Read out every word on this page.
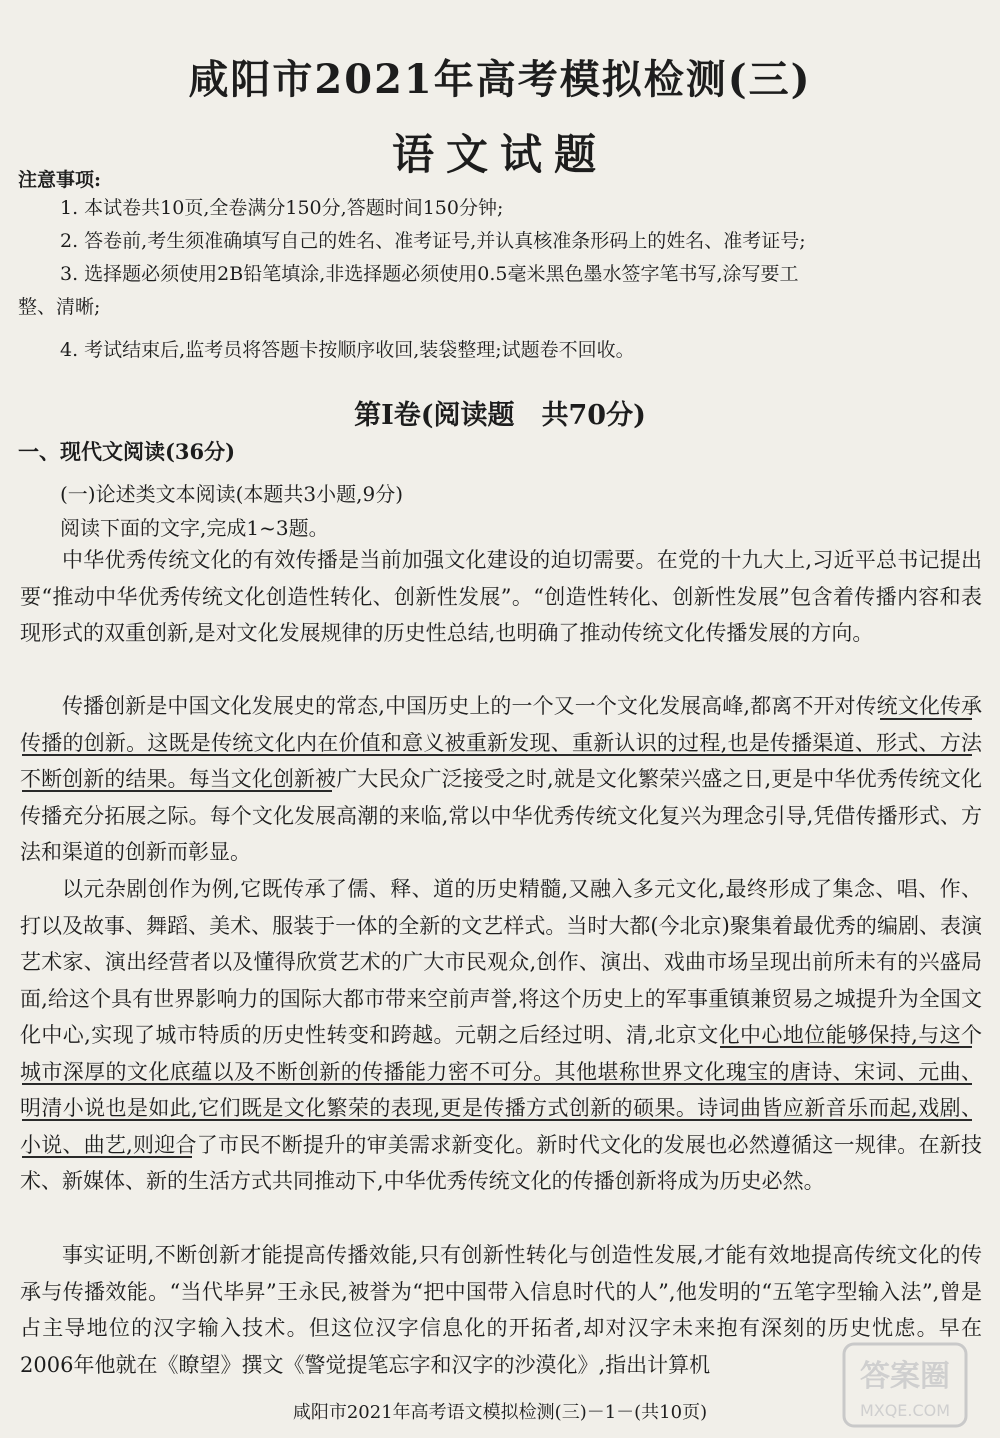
咸阳市2021年高考模拟检测(三)
语文试题
注意事项:
1. 本试卷共10页,全卷满分150分,答题时间150分钟;
2. 答卷前,考生须准确填写自己的姓名、准考证号,并认真核准条形码上的姓名、准考证号;
3. 选择题必须使用2B铅笔填涂,非选择题必须使用0.5毫米黑色墨水签字笔书写,涂写要工
整、清晰;
4. 考试结束后,监考员将答题卡按顺序收回,装袋整理;试题卷不回收。
第Ⅰ卷(阅读题　共70分)
一、现代文阅读(36分)
(一)论述类文本阅读(本题共3小题,9分)
阅读下面的文字,完成1~3题。
中华优秀传统文化的有效传播是当前加强文化建设的迫切需要。在党的十九大上,习近平总书记提出要“推动中华优秀传统文化创造性转化、创新性发展”。“创造性转化、创新性发展”包含着传播内容和表现形式的双重创新,是对文化发展规律的历史性总结,也明确了推动传统文化传播发展的方向。
传播创新是中国文化发展史的常态,中国历史上的一个又一个文化发展高峰,都离不开对传统文化传承传播的创新。这既是传统文化内在价值和意义被重新发现、重新认识的过程,也是传播渠道、形式、方法不断创新的结果。每当文化创新被广大民众广泛接受之时,就是文化繁荣兴盛之日,更是中华优秀传统文化传播充分拓展之际。每个文化发展高潮的来临,常以中华优秀传统文化复兴为理念引导,凭借传播形式、方法和渠道的创新而彰显。
以元杂剧创作为例,它既传承了儒、释、道的历史精髓,又融入多元文化,最终形成了集念、唱、作、打以及故事、舞蹈、美术、服装于一体的全新的文艺样式。当时大都(今北京)聚集着最优秀的编剧、表演艺术家、演出经营者以及懂得欣赏艺术的广大市民观众,创作、演出、戏曲市场呈现出前所未有的兴盛局面,给这个具有世界影响力的国际大都市带来空前声誉,将这个历史上的军事重镇兼贸易之城提升为全国文化中心,实现了城市特质的历史性转变和跨越。元朝之后经过明、清,北京文化中心地位能够保持,与这个城市深厚的文化底蕴以及不断创新的传播能力密不可分。其他堪称世界文化瑰宝的唐诗、宋词、元曲、明清小说也是如此,它们既是文化繁荣的表现,更是传播方式创新的硕果。诗词曲皆应新音乐而起,戏剧、小说、曲艺,则迎合了市民不断提升的审美需求新变化。新时代文化的发展也必然遵循这一规律。在新技术、新媒体、新的生活方式共同推动下,中华优秀传统文化的传播创新将成为历史必然。
事实证明,不断创新才能提高传播效能,只有创新性转化与创造性发展,才能有效地提高传统文化的传承与传播效能。“当代毕昇”王永民,被誉为“把中国带入信息时代的人”,他发明的“五笔字型输入法”,曾是占主导地位的汉字输入技术。但这位汉字信息化的开拓者,却对汉字未来抱有深刻的历史忧虑。早在2006年他就在《瞭望》撰文《警觉提笔忘字和汉字的沙漠化》,指出计算机
咸阳市2021年高考语文模拟检测(三)－1－(共10页)
答案圈
MXQE.COM
